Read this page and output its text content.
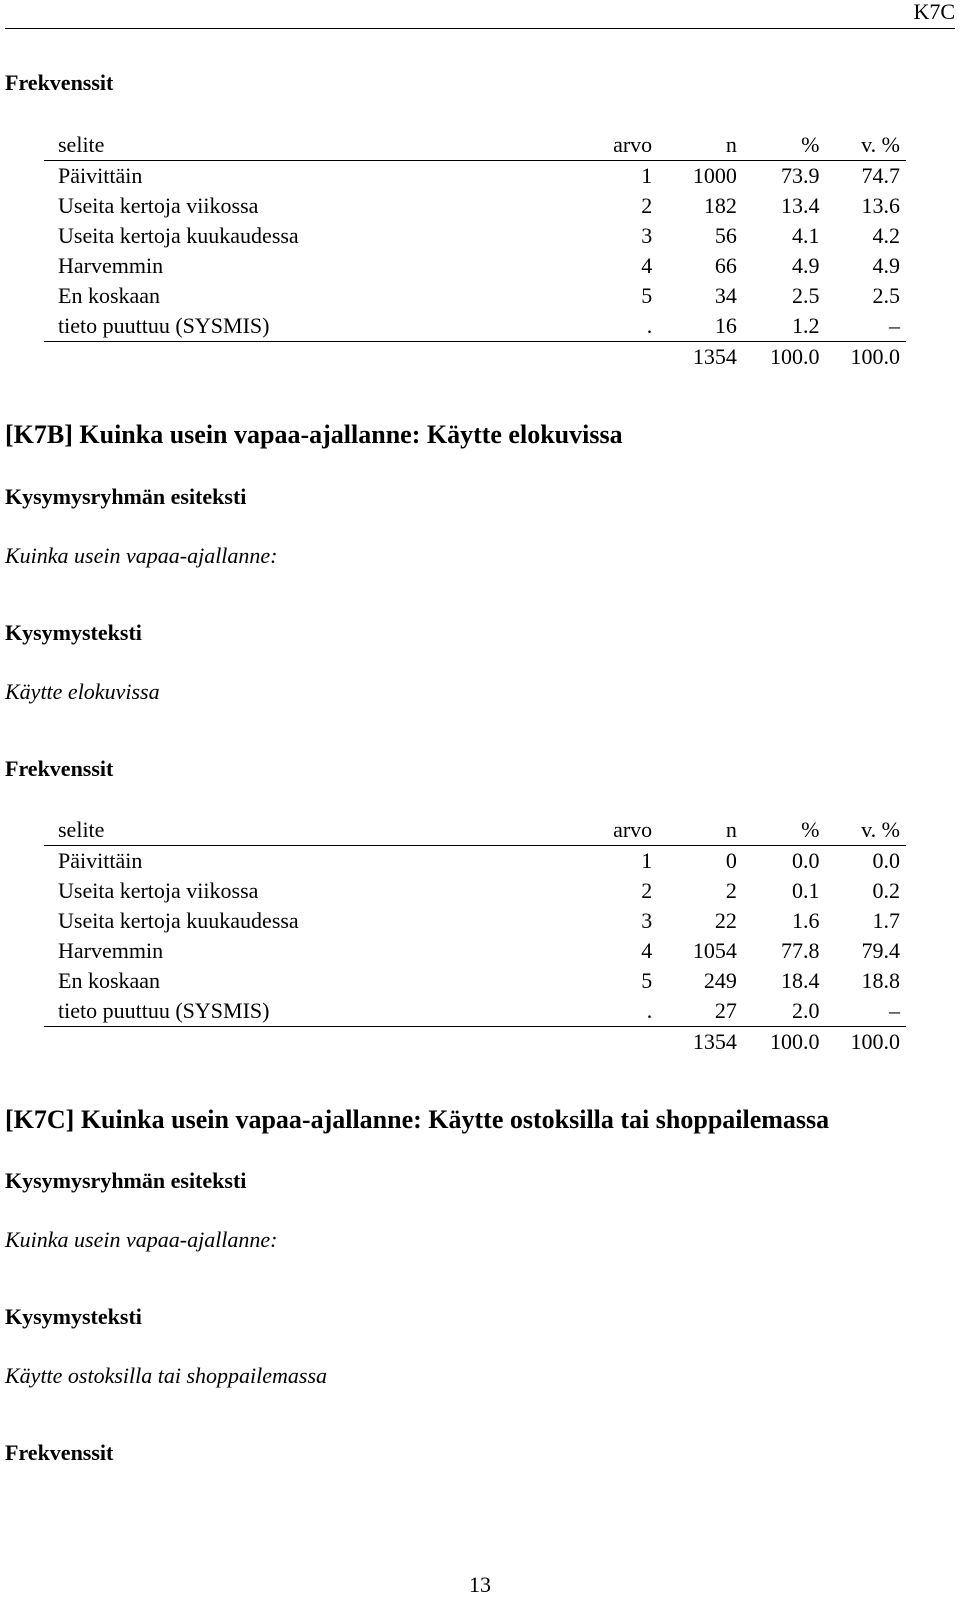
K7C
Frekvenssit
selite	arvo	n	%	v. %
Päivittäin	1	1000	73.9	74.7
Useita kertoja viikossa	2	182	13.4	13.6
Useita kertoja kuukaudessa	3	56	4.1	4.2
Harvemmin	4	66	4.9	4.9
En koskaan	5	34	2.5	2.5
tieto puuttuu (SYSMIS)	.	16	1.2	–
		1354	100.0	100.0
[K7B] Kuinka usein vapaa-ajallanne: Käytte elokuvissa
Kysymysryhmän esiteksti
Kuinka usein vapaa-ajallanne:
Kysymysteksti
Käytte elokuvissa
Frekvenssit
selite	arvo	n	%	v. %
Päivittäin	1	0	0.0	0.0
Useita kertoja viikossa	2	2	0.1	0.2
Useita kertoja kuukaudessa	3	22	1.6	1.7
Harvemmin	4	1054	77.8	79.4
En koskaan	5	249	18.4	18.8
tieto puuttuu (SYSMIS)	.	27	2.0	–
		1354	100.0	100.0
[K7C] Kuinka usein vapaa-ajallanne: Käytte ostoksilla tai shoppailemassa
Kysymysryhmän esiteksti
Kuinka usein vapaa-ajallanne:
Kysymysteksti
Käytte ostoksilla tai shoppailemassa
Frekvenssit
13
